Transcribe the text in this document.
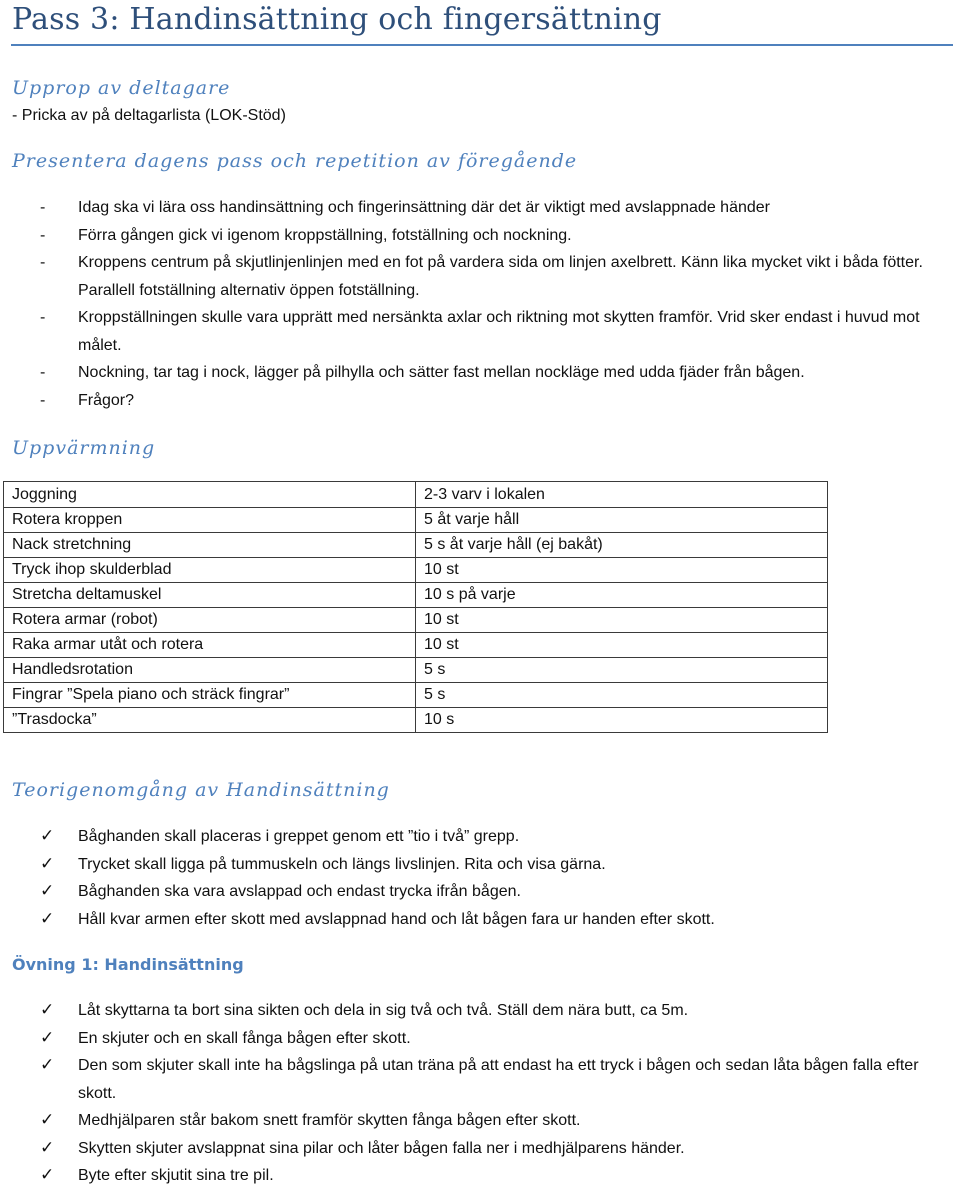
Pass 3: Handinsättning och fingersättning
Upprop av deltagare
- Pricka av på deltagarlista (LOK-Stöd)
Presentera dagens pass och repetition av föregående
- Idag ska vi lära oss handinsättning och fingerinsättning där det är viktigt med avslappnade händer
- Förra gången gick vi igenom kroppställning, fotställning och nockning.
- Kroppens centrum på skjutlinjenlinjen med en fot på vardera sida om linjen axelbrett. Känn lika mycket vikt i båda fötter. Parallell fotställning alternativ öppen fotställning.
- Kroppställningen skulle vara upprätt med nersänkta axlar och riktning mot skytten framför. Vrid sker endast i huvud mot målet.
- Nockning, tar tag i nock, lägger på pilhylla och sätter fast mellan nockläge med udda fjäder från bågen.
- Frågor?
Uppvärmning
Joggning	2-3 varv i lokalen
Rotera kroppen	5 åt varje håll
Nack stretchning	5 s åt varje håll (ej bakåt)
Tryck ihop skulderblad	10 st
Stretcha deltamuskel	10 s på varje
Rotera armar (robot)	10 st
Raka armar utåt och rotera	10 st
Handledsrotation	5 s
Fingrar ”Spela piano och sträck fingrar”	5 s
”Trasdocka”	10 s
Teorigenomgång av Handinsättning
✓ Båghanden skall placeras i greppet genom ett ”tio i två” grepp.
✓ Trycket skall ligga på tummuskeln och längs livslinjen. Rita och visa gärna.
✓ Båghanden ska vara avslappad och endast trycka ifrån bågen.
✓ Håll kvar armen efter skott med avslappnad hand och låt bågen fara ur handen efter skott.
Övning 1: Handinsättning
✓ Låt skyttarna ta bort sina sikten och dela in sig två och två. Ställ dem nära butt, ca 5m.
✓ En skjuter och en skall fånga bågen efter skott.
✓ Den som skjuter skall inte ha bågslinga på utan träna på att endast ha ett tryck i bågen och sedan låta bågen falla efter skott.
✓ Medhjälparen står bakom snett framför skytten fånga bågen efter skott.
✓ Skytten skjuter avslappnat sina pilar och låter bågen falla ner i medhjälparens händer.
✓ Byte efter skjutit sina tre pil.
